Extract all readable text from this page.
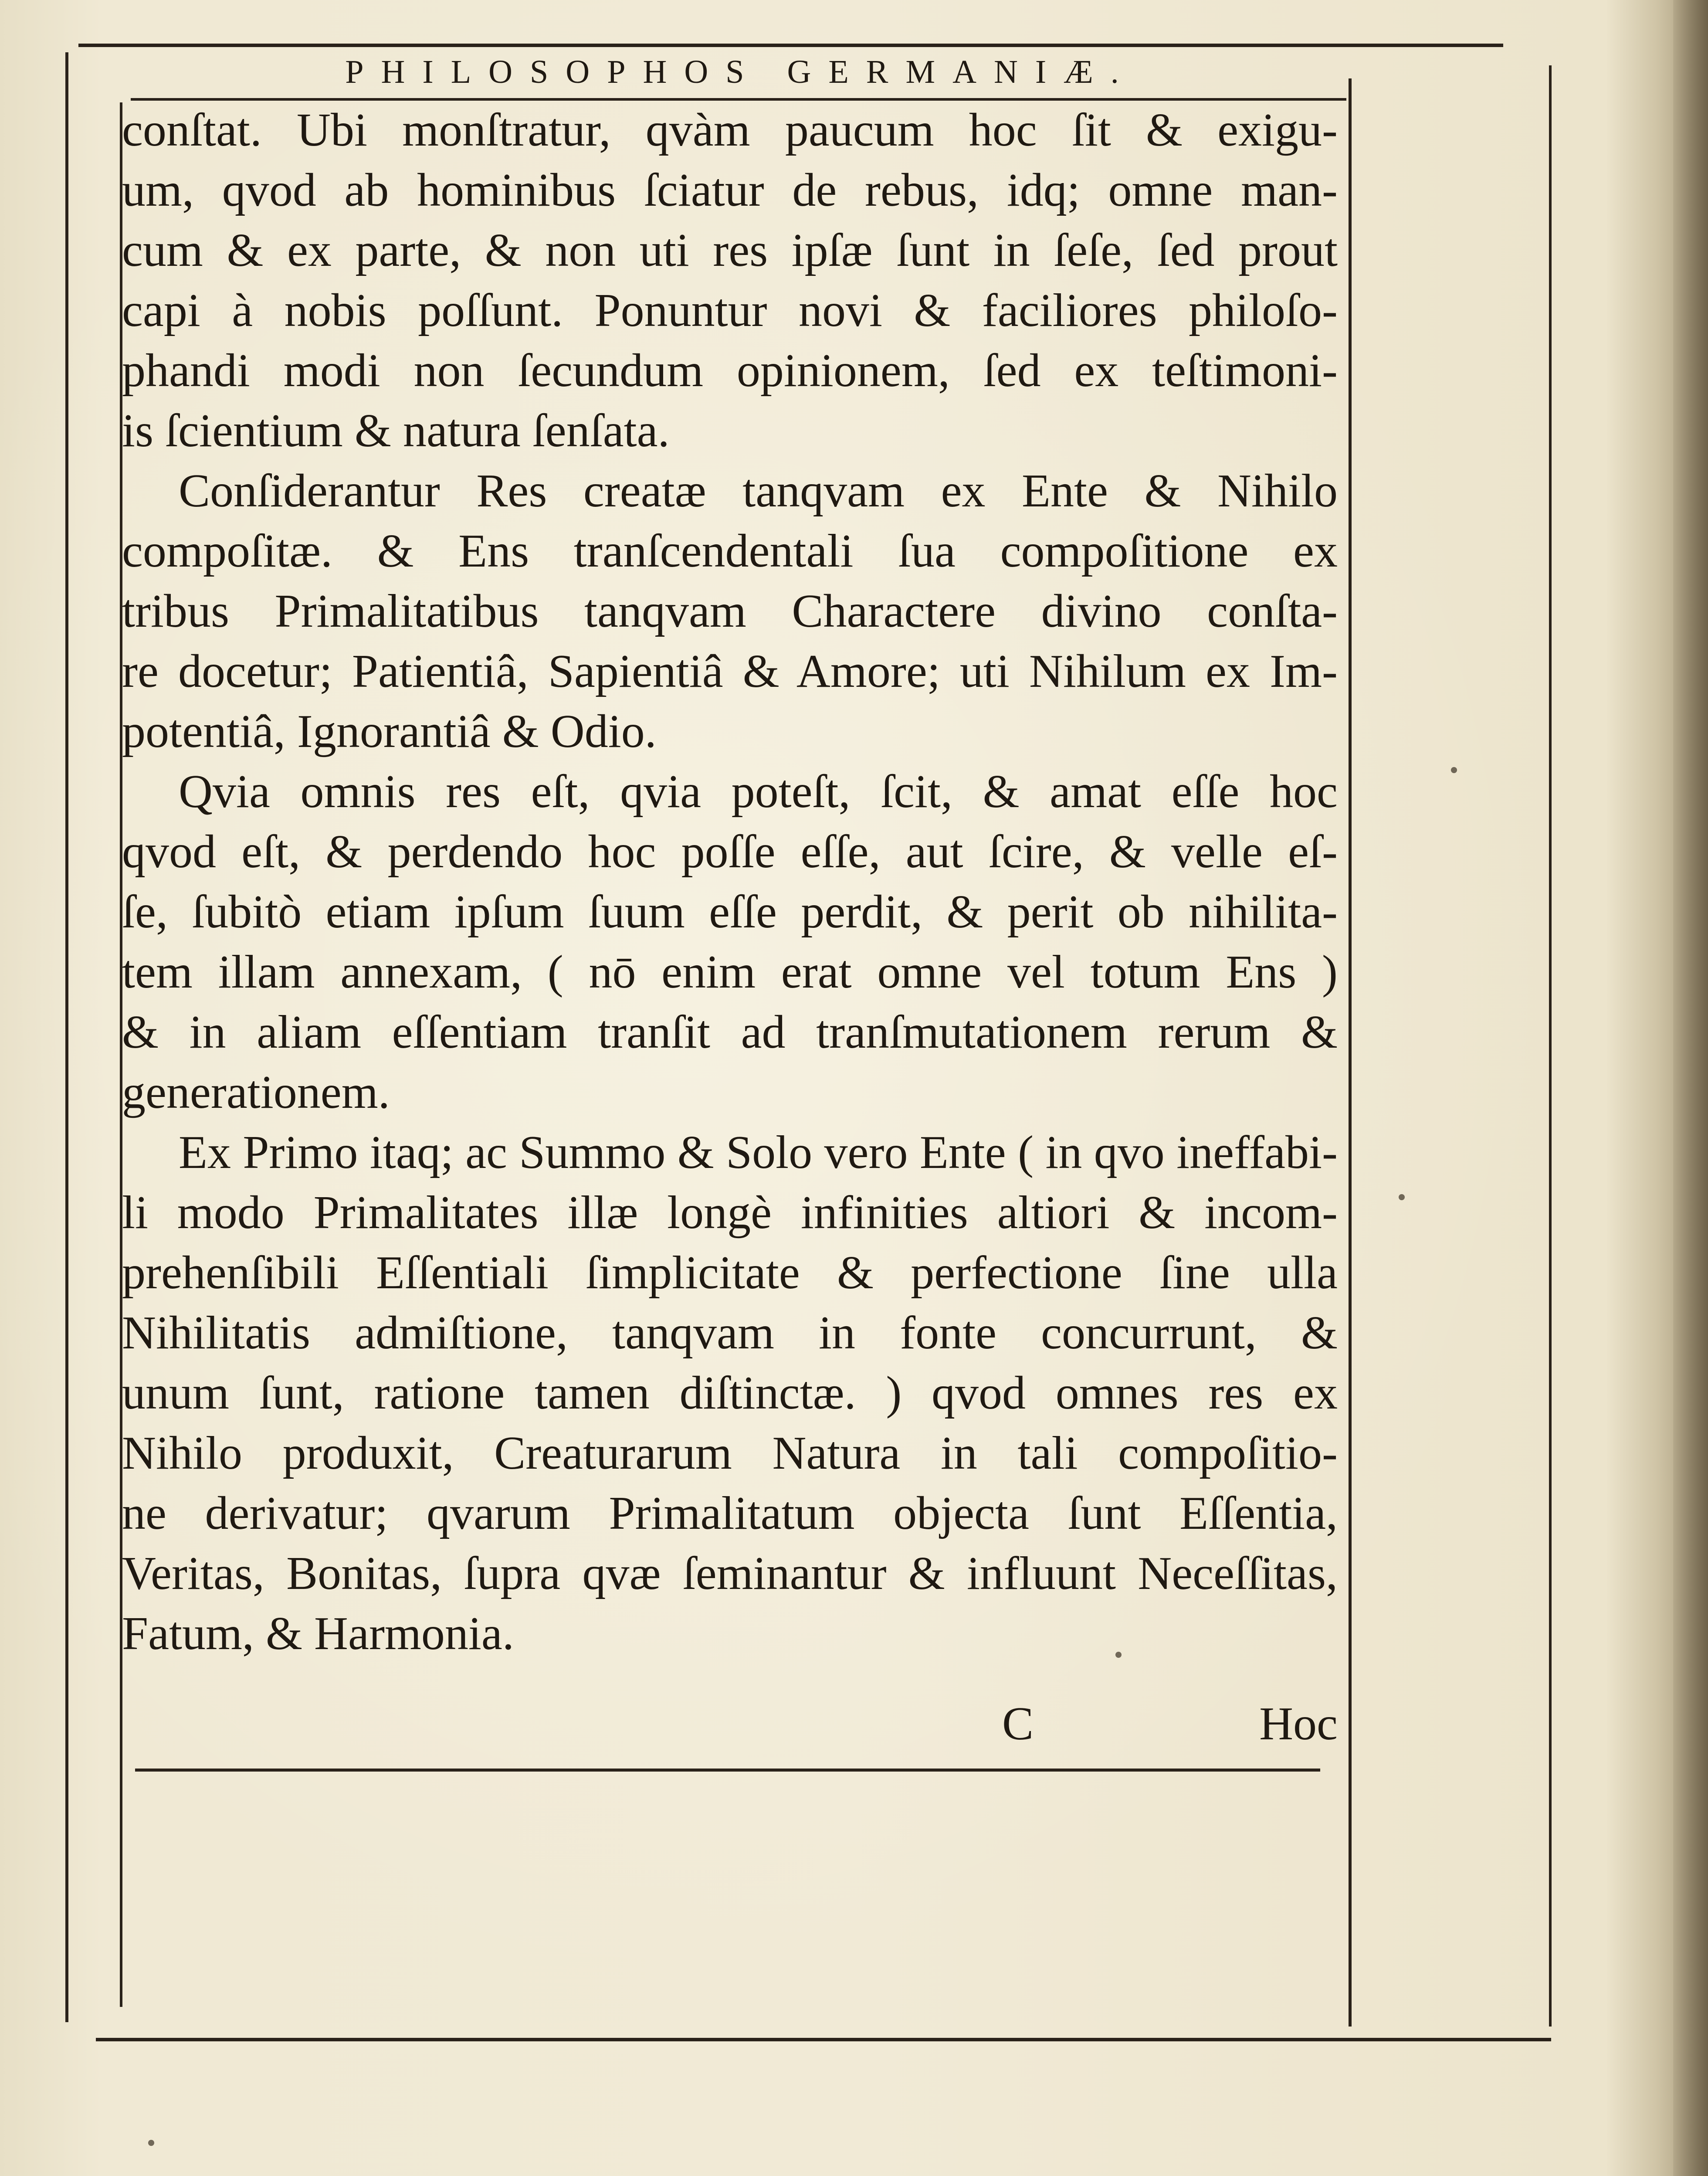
PHILOSOPHOS GERMANIÆ.
conſtat. Ubi monſtratur, qvàm paucum hoc ſit & exigu-
um, qvod ab hominibus ſciatur de rebus, idq; omne man-
cum & ex parte, & non uti res ipſæ ſunt in ſeſe, ſed prout
capi à nobis poſſunt. Ponuntur novi & faciliores philoſo-
phandi modi non ſecundum opinionem, ſed ex teſtimoni-
is ſcientium & natura ſenſata.
Conſiderantur Res creatæ tanqvam ex Ente & Nihilo
compoſitæ. & Ens tranſcendentali ſua compoſitione ex
tribus Primalitatibus tanqvam Charactere divino conſta-
re docetur; Patientiâ, Sapientiâ & Amore; uti Nihilum ex Im-
potentiâ, Ignorantiâ & Odio.
Qvia omnis res eſt, qvia poteſt, ſcit, & amat eſſe hoc
qvod eſt, & perdendo hoc poſſe eſſe, aut ſcire, & velle eſ-
ſe, ſubitò etiam ipſum ſuum eſſe perdit, & perit ob nihilita-
tem illam annexam, ( nō enim erat omne vel totum Ens )
& in aliam eſſentiam tranſit ad tranſmutationem rerum &
generationem.
Ex Primo itaq; ac Summo & Solo vero Ente ( in qvo ineffabi-
li modo Primalitates illæ longè infinities altiori & incom-
prehenſibili Eſſentiali ſimplicitate & perfectione ſine ulla
Nihilitatis admiſtione, tanqvam in fonte concurrunt, &
unum ſunt, ratione tamen diſtinctæ. ) qvod omnes res ex
Nihilo produxit, Creaturarum Natura in tali compoſitio-
ne derivatur; qvarum Primalitatum objecta ſunt Eſſentia,
Veritas, Bonitas, ſupra qvæ ſeminantur & influunt Neceſſitas,
Fatum, & Harmonia.
C	Hoc
